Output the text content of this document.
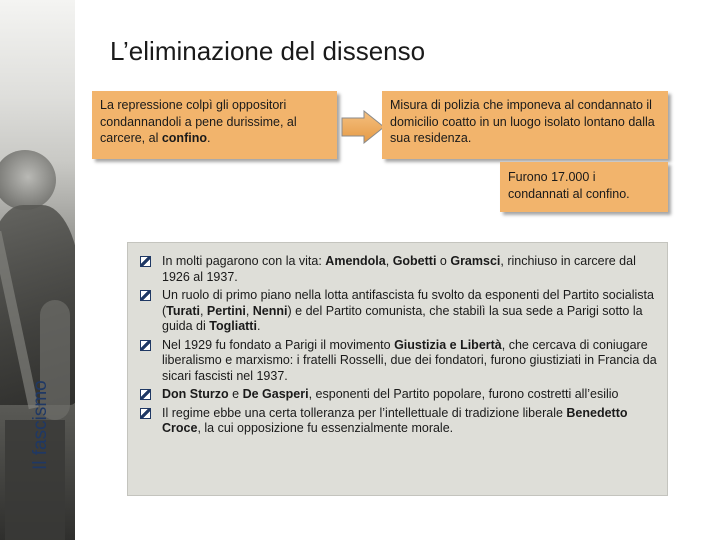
Il fascismo
L’eliminazione del dissenso
La repressione colpì gli oppositori condannandoli a pene durissime, al carcere, al confino.
Misura di polizia che imponeva al condannato il domicilio coatto in un luogo isolato lontano dalla sua residenza.
Furono 17.000 i condannati al confino.
In molti pagarono con la vita: Amendola, Gobetti o Gramsci, rinchiuso in carcere dal 1926 al 1937.
Un ruolo di primo piano nella lotta antifascista fu svolto da esponenti del Partito socialista (Turati, Pertini, Nenni) e del Partito comunista, che stabilì la sua sede a Parigi sotto la guida di Togliatti.
Nel 1929 fu fondato a Parigi il movimento Giustizia e Libertà, che cercava di coniugare liberalismo e marxismo: i fratelli Rosselli, due dei fondatori, furono giustiziati in Francia da sicari fascisti nel 1937.
Don Sturzo e De Gasperi, esponenti del Partito popolare, furono costretti all’esilio
Il regime ebbe una certa tolleranza per l’intellettuale di tradizione liberale Benedetto Croce, la cui opposizione fu essenzialmente morale.
